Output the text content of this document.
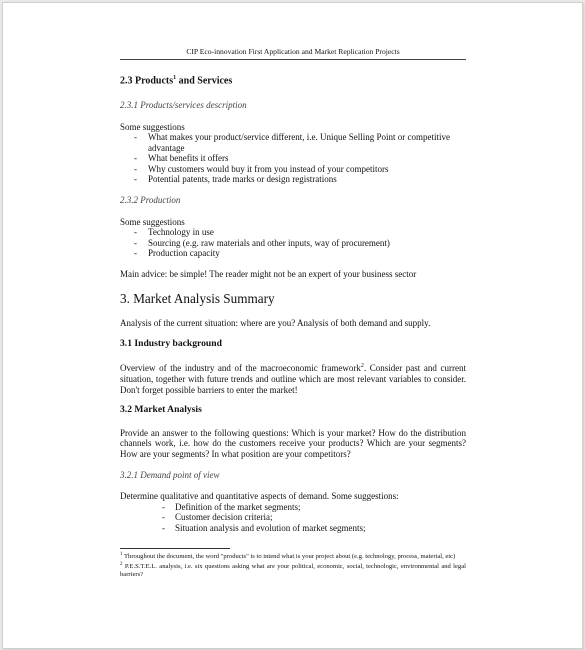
CIP Eco-innovation First Application and Market Replication Projects
2.3 Products$^1$ and Services
2.3.1 Products/services description

Some suggestions

- What makes your product/service different, i.e. Unique Selling Point or competitive advantage
- What benefits it offers
- Why customers would buy it from you instead of your competitors
- Potential patents, trade marks or design registrations
2.3.2 Production

Some suggestions

- Technology in use
- Sourcing (e.g. raw materials and other inputs, way of procurement)
- Production capacity

Main advice: be simple! The reader might not be an expert of your business sector

3. Market Analysis Summary

Analysis of the current situation: where are you? Analysis of both demand and supply.

3.1 Industry background

Overview of the industry and of the macroeconomic framework$^2$. Consider past and current situation, together with future trends and outline which are most relevant variables to consider. Don't forget possible barriers to enter the market!

3.2 Market Analysis

Provide an answer to the following questions: Which is your market? How do the distribution channels work, i.e. how do the customers receive your products? Which are your segments? How are your segments? In what position are your competitors?

3.2.1 Demand point of view

Determine qualitative and quantitative aspects of demand. Some suggestions:

- Definition of the market segments;
- Customer decision criteria;
- Situation analysis and evolution of market segments;

$^1$ Throughout the document, the word "products" is to intend what is your project about (e.g. technology, process, material, etc)

$^2$ P.E.S.T.E.L. analysis, i.e. six questions asking what are your political, economic, social, technologic, environmental and legal barriers?
